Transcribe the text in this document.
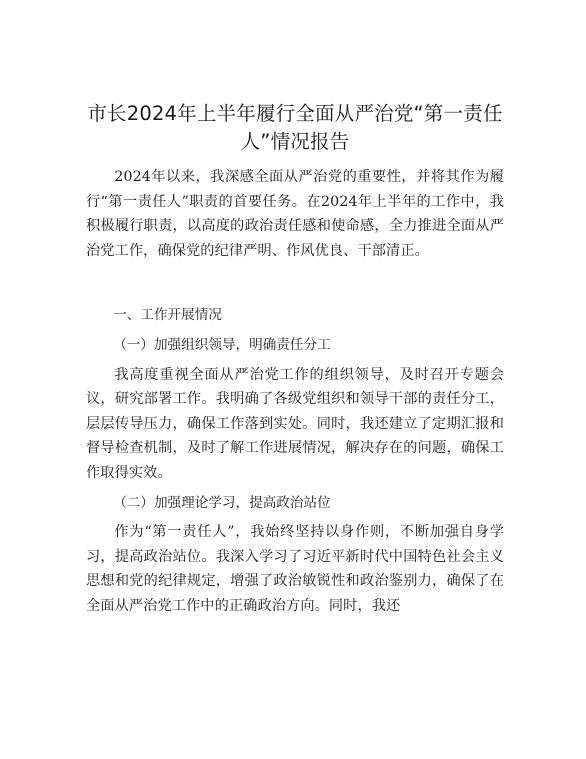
市长2024年上半年履行全面从严治党“第一责任人”情况报告

2024年以来，我深感全面从严治党的重要性，并将其作为履行“第一责任人”职责的首要任务。在2024年上半年的工作中，我积极履行职责，以高度的政治责任感和使命感，全力推进全面从严治党工作，确保党的纪律严明、作风优良、干部清正。

一、工作开展情况

（一）加强组织领导，明确责任分工

我高度重视全面从严治党工作的组织领导，及时召开专题会议，研究部署工作。我明确了各级党组织和领导干部的责任分工，层层传导压力，确保工作落到实处。同时，我还建立了定期汇报和督导检查机制，及时了解工作进展情况，解决存在的问题，确保工作取得实效。

（二）加强理论学习，提高政治站位

作为“第一责任人”，我始终坚持以身作则，不断加强自身学习，提高政治站位。我深入学习了习近平新时代中国特色社会主义思想和党的纪律规定，增强了政治敏锐性和政治鉴别力，确保了在全面从严治党工作中的正确政治方向。同时，我还
